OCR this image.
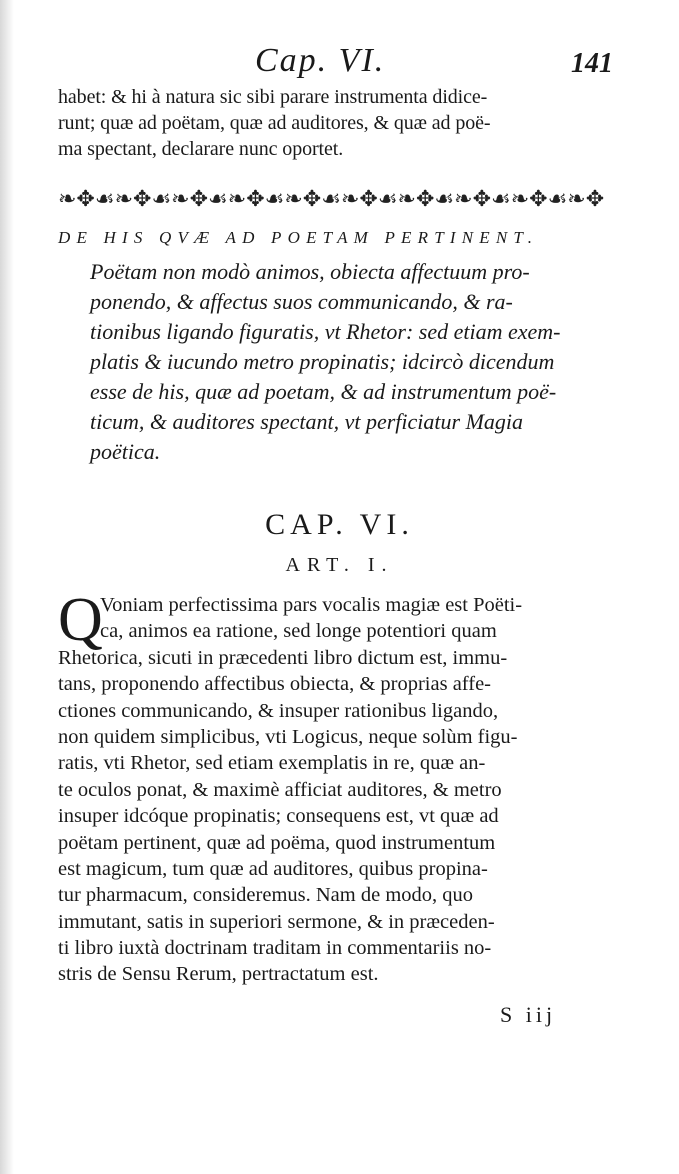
Cap. VI.	141
habet: & hi à natura sic sibi parare instrumenta didice-
runt; quæ ad poëtam, quæ ad auditores, & quæ ad poë-
ma spectant, declarare nunc oportet.
❧✥☙❧✥☙❧✥☙❧✥☙❧✥☙❧✥☙❧✥☙❧✥☙❧✥☙❧✥
DE HIS QVÆ AD POETAM PERTINENT.
Poëtam non modò animos, obiecta affectuum pro-
ponendo, & affectus suos communicando, & ra-
tionibus ligando figuratis, vt Rhetor: sed etiam exem-
platis & iucundo metro propinatis; idcircò dicendum
esse de his, quæ ad poetam, & ad instrumentum poë-
ticum, & auditores spectant, vt perficiatur Magia
poëtica.
CAP. VI.
ART. I.
Q
Voniam perfectissima pars vocalis magiæ est Poëti-
ca, animos ea ratione, sed longe potentiori quam
Rhetorica, sicuti in præcedenti libro dictum est, immu-
tans, proponendo affectibus obiecta, & proprias affe-
ctiones communicando, & insuper rationibus ligando,
non quidem simplicibus, vti Logicus, neque solùm figu-
ratis, vti Rhetor, sed etiam exemplatis in re, quæ an-
te oculos ponat, & maximè afficiat auditores, & metro
insuper idcóque propinatis; consequens est, vt quæ ad
poëtam pertinent, quæ ad poëma, quod instrumentum
est magicum, tum quæ ad auditores, quibus propina-
tur pharmacum, consideremus. Nam de modo, quo
immutant, satis in superiori sermone, & in præceden-
ti libro iuxtà doctrinam traditam in commentariis no-
stris de Sensu Rerum, pertractatum est.
S iij
